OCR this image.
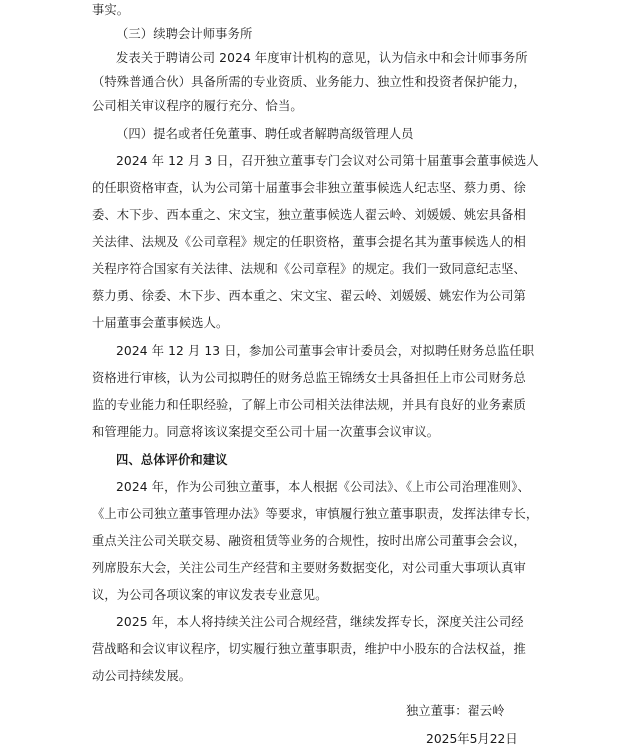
事实。
（三）续聘会计师事务所
发表关于聘请公司 2024 年度审计机构的意见，认为信永中和会计师事务所
（特殊普通合伙）具备所需的专业资质、业务能力、独立性和投资者保护能力，
公司相关审议程序的履行充分、恰当。
（四）提名或者任免董事、聘任或者解聘高级管理人员
2024 年 12 月 3 日，召开独立董事专门会议对公司第十届董事会董事候选人
的任职资格审查，认为公司第十届董事会非独立董事候选人纪志坚、蔡力勇、徐
委、木下步、西本重之、宋文宝，独立董事候选人翟云岭、刘媛媛、姚宏具备相
关法律、法规及《公司章程》规定的任职资格，董事会提名其为董事候选人的相
关程序符合国家有关法律、法规和《公司章程》的规定。我们一致同意纪志坚、
蔡力勇、徐委、木下步、西本重之、宋文宝、翟云岭、刘媛媛、姚宏作为公司第
十届董事会董事候选人。
2024 年 12 月 13 日，参加公司董事会审计委员会，对拟聘任财务总监任职
资格进行审核，认为公司拟聘任的财务总监王锦绣女士具备担任上市公司财务总
监的专业能力和任职经验，了解上市公司相关法律法规，并具有良好的业务素质
和管理能力。同意将该议案提交至公司十届一次董事会议审议。
四、总体评价和建议
2024 年，作为公司独立董事，本人根据《公司法》、《上市公司治理准则》、
《上市公司独立董事管理办法》等要求，审慎履行独立董事职责，发挥法律专长，
重点关注公司关联交易、融资租赁等业务的合规性，按时出席公司董事会会议，
列席股东大会，关注公司生产经营和主要财务数据变化，对公司重大事项认真审
议，为公司各项议案的审议发表专业意见。
2025 年，本人将持续关注公司合规经营，继续发挥专长，深度关注公司经
营战略和会议审议程序，切实履行独立董事职责，维护中小股东的合法权益，推
动公司持续发展。
独立董事：翟云岭
2025年5月22日
